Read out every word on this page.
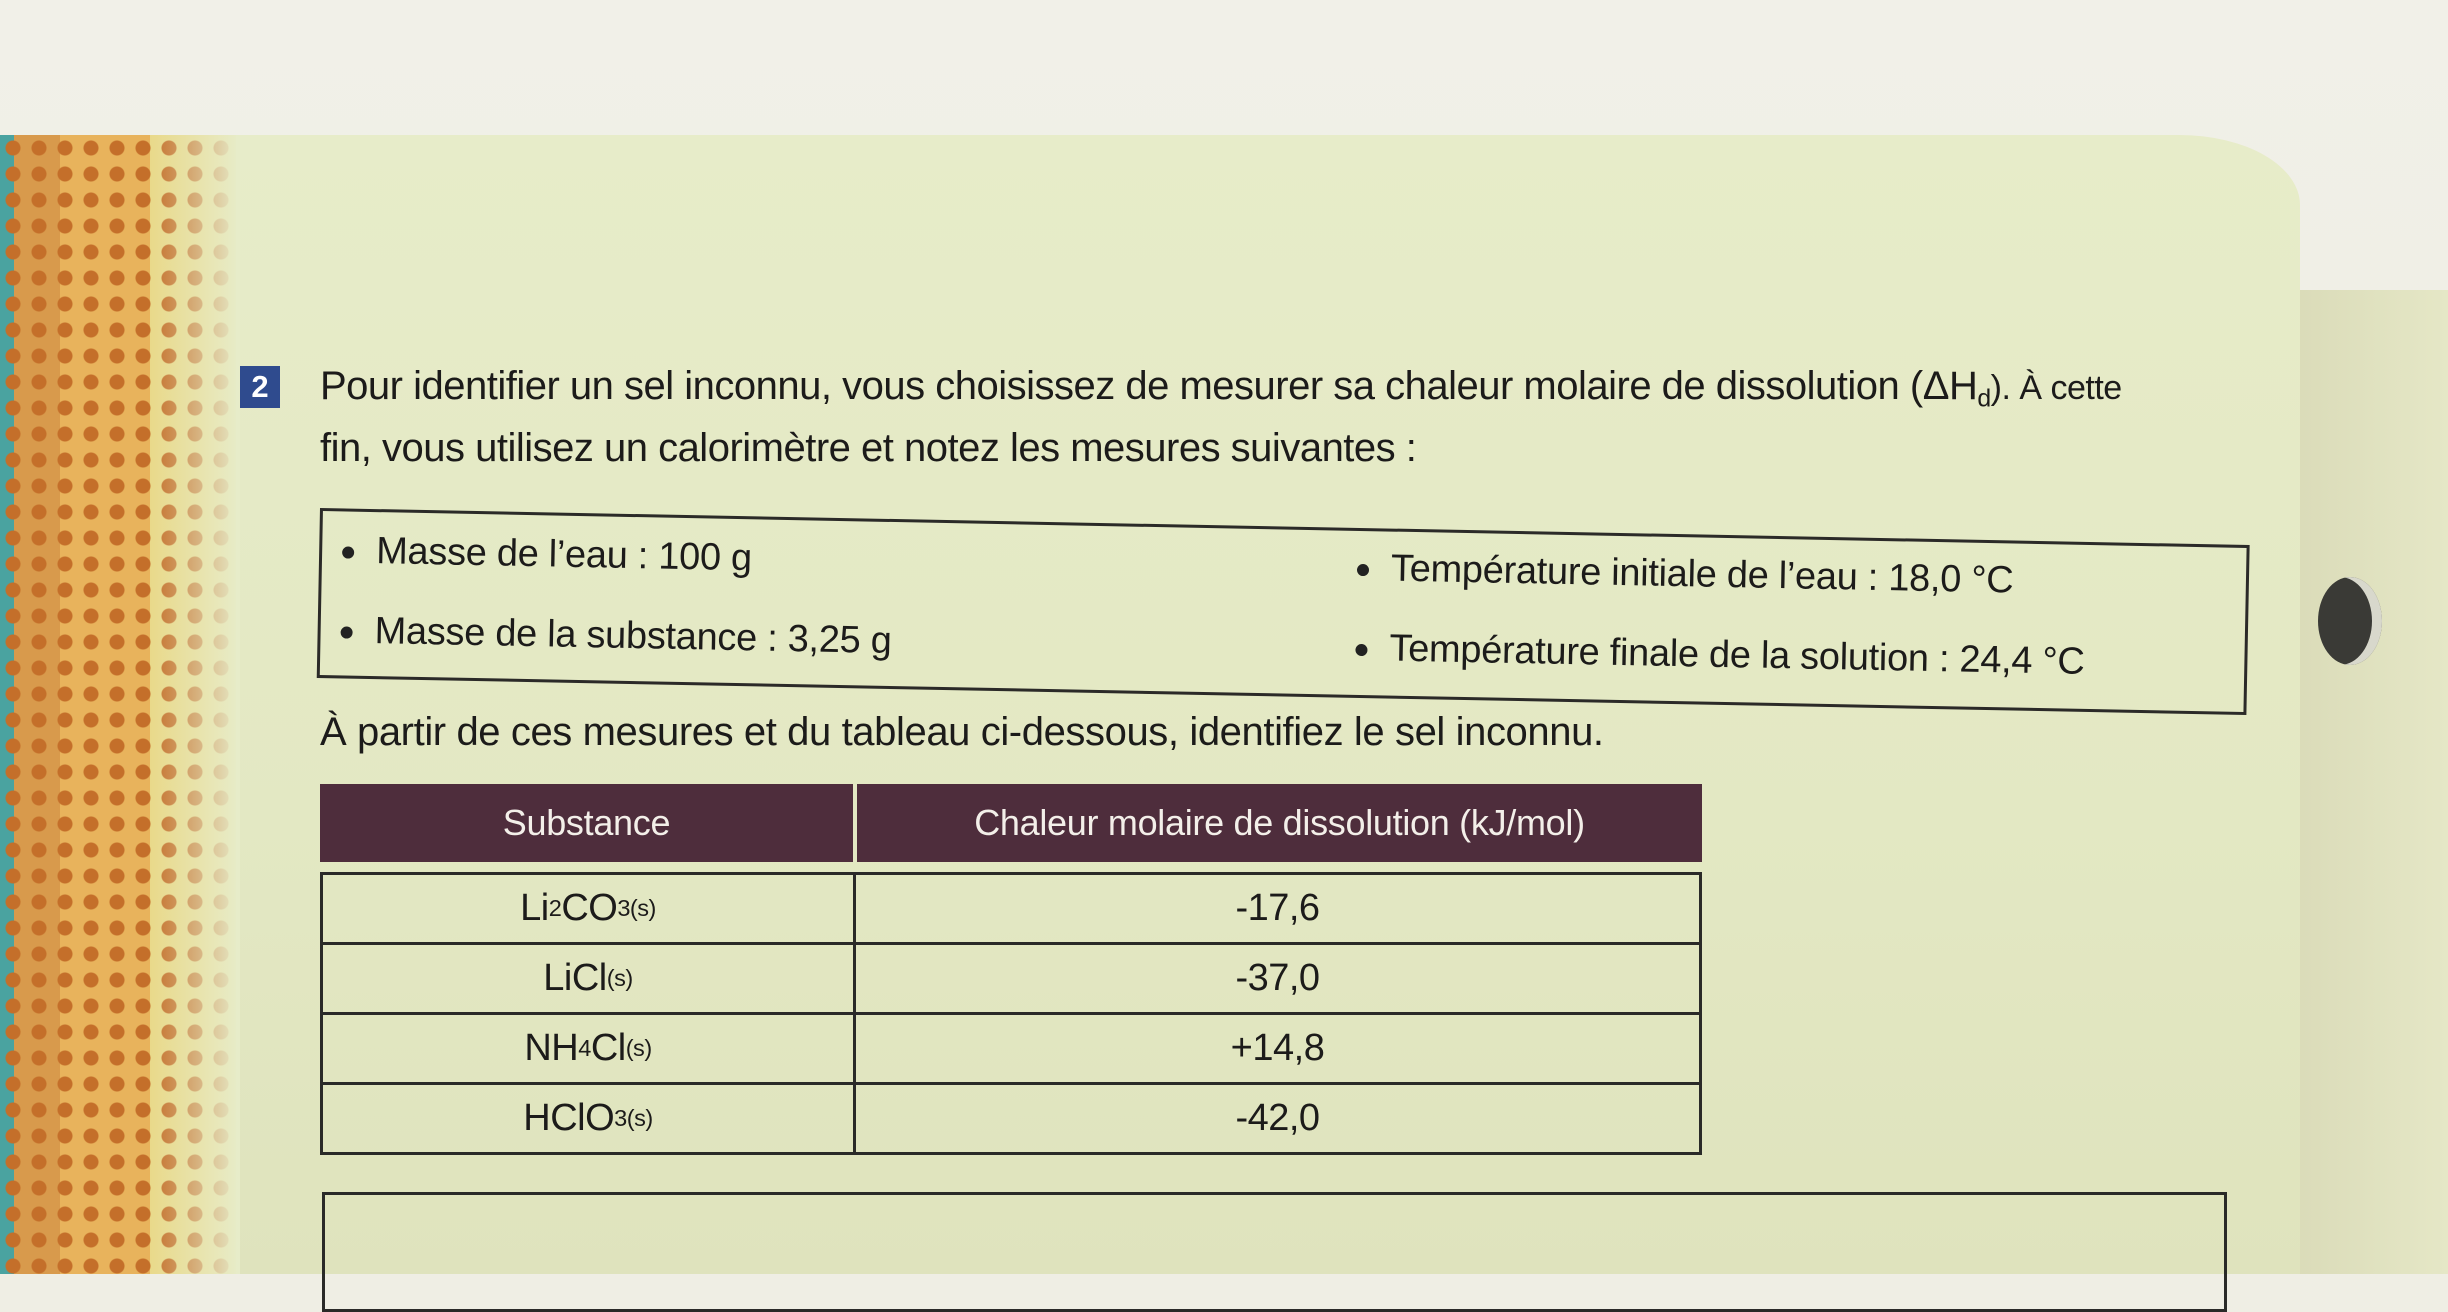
2 Pour identifier un sel inconnu, vous choisissez de mesurer sa chaleur molaire de dissolution $(\Delta H_d)$. À cette
fin, vous utilisez un calorimètre et notez les mesures suivantes :
Masse de l’eau : 100 g
Masse de la substance : 3,25 g
Température initiale de l’eau : 18,0 °C
Température finale de la solution : 24,4 °C
À partir de ces mesures et du tableau ci-dessous, identifiez le sel inconnu.
Substance	Chaleur molaire de dissolution (kJ/mol)
Li 2 CO 3(s)	-17,6
LiCl (s)	-37,0
NH 4 Cl (s)	+14,8
HClO 3(s)	-42,0
